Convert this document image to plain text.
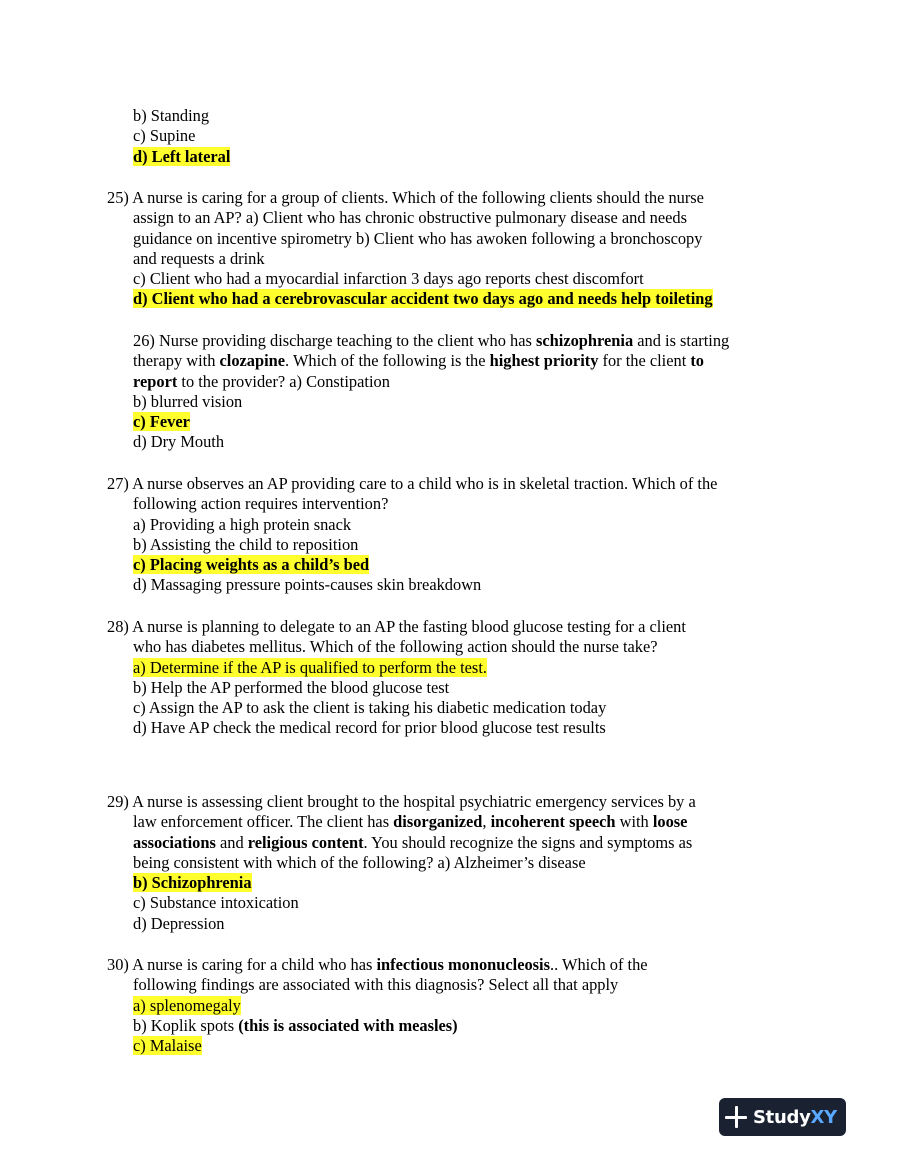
b) Standing
c) Supine
d) Left lateral
25) A nurse is caring for a group of clients. Which of the following clients should the nurse
assign to an AP? a) Client who has chronic obstructive pulmonary disease and needs
guidance on incentive spirometry b) Client who has awoken following a bronchoscopy
and requests a drink
c) Client who had a myocardial infarction 3 days ago reports chest discomfort
d) Client who had a cerebrovascular accident two days ago and needs help toileting
26) Nurse providing discharge teaching to the client who has schizophrenia and is starting
therapy with clozapine. Which of the following is the highest priority for the client to
report to the provider? a) Constipation
b) blurred vision
c) Fever
d) Dry Mouth
27) A nurse observes an AP providing care to a child who is in skeletal traction. Which of the
following action requires intervention?
a) Providing a high protein snack
b) Assisting the child to reposition
c) Placing weights as a child’s bed
d) Massaging pressure points-causes skin breakdown
28) A nurse is planning to delegate to an AP the fasting blood glucose testing for a client
who has diabetes mellitus. Which of the following action should the nurse take?
a) Determine if the AP is qualified to perform the test.
b) Help the AP performed the blood glucose test
c) Assign the AP to ask the client is taking his diabetic medication today
d) Have AP check the medical record for prior blood glucose test results
29) A nurse is assessing client brought to the hospital psychiatric emergency services by a
law enforcement officer. The client has disorganized, incoherent speech with loose
associations and religious content. You should recognize the signs and symptoms as
being consistent with which of the following? a) Alzheimer’s disease
b) Schizophrenia
c) Substance intoxication
d) Depression
30) A nurse is caring for a child who has infectious mononucleosis.. Which of the
following findings are associated with this diagnosis? Select all that apply
a) splenomegaly
b) Koplik spots (this is associated with measles)
c) Malaise
StudyXY
